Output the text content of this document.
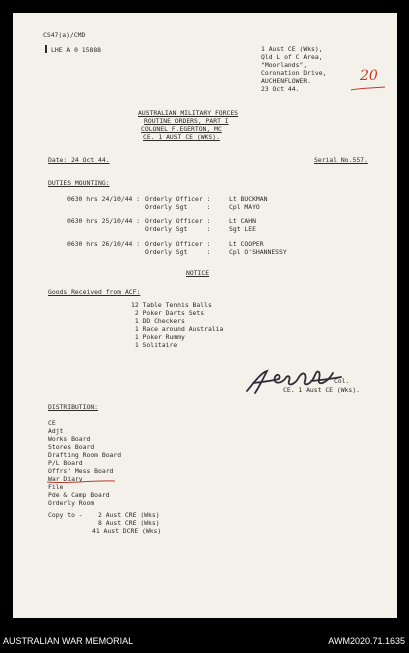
CS47(a)/CMD
LHE A 0 15888	1 Aust CE (Wks),
Qld L of C Area,
"Moorlands",
Coronation Drive,
AUCHENFLOWER.
23 Oct 44.
20
AUSTRALIAN MILITARY FORCES
ROUTINE ORDERS, PART I
COLONEL F.EGERTON, MC
CE. 1 AUST CE (WKS).
Date: 24 Oct 44.	Serial No.557.
DUTIES MOUNTING:
0630 hrs 24/10/44 : Orderly Officer :	Lt BUCKMAN
Orderly Sgt     :	Cpl MAYO
0630 hrs 25/10/44 : Orderly Officer :	Lt CAHN
Orderly Sgt     :	Sgt LEE
0630 hrs 26/10/44 : Orderly Officer :	Lt COOPER
Orderly Sgt     :	Cpl O'SHANNESSY
NOTICE
Goods Received from ACF:
12 Table Tennis Balls
2 Poker Darts Sets
1 DD Checkers
1 Race around Australia
1 Poker Rummy
1 Solitaire
Col.
CE. 1 Aust CE (Wks).
DISTRIBUTION:
CE
Adjt
Works Board
Stores Board
Drafting Room Board
P/L Board
Offrs' Mess Board
War Diary
File
Pde & Camp Board
Orderly Room
Copy to - 2 Aust CRE (Wks)
8 Aust CRE (Wks)
41 Aust DCRE (Wks)
AUSTRALIAN WAR MEMORIAL	AWM2020.71.1635
